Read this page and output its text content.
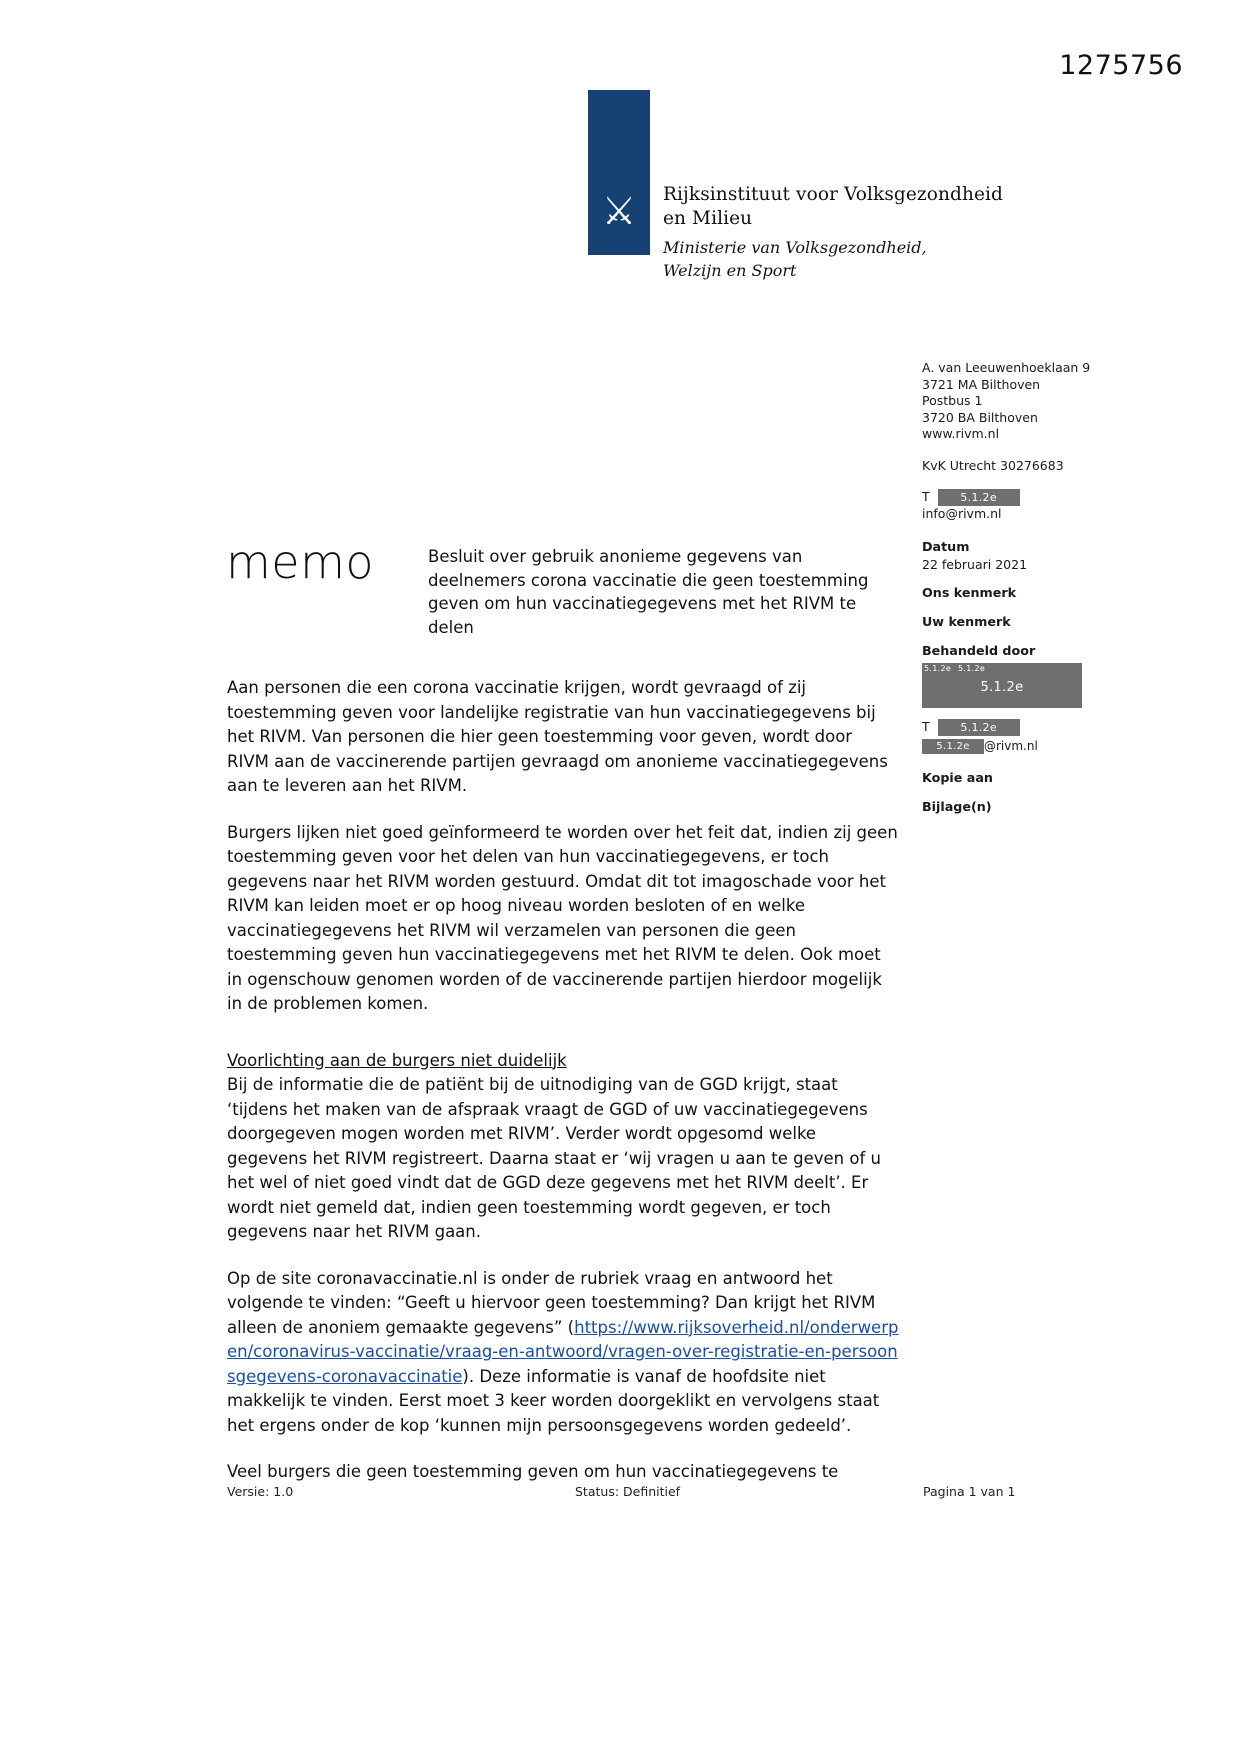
1275756
⚔ Rijksinstituut voor Volksgezondheid
en Milieu
Ministerie van Volksgezondheid,
Welzijn en Sport
A. van Leeuwenhoeklaan 9
3721 MA Bilthoven
Postbus 1
3720 BA Bilthoven
www.rivm.nl
KvK Utrecht 30276683
T	5.1.2e
info@rivm.nl
Datum
22 februari 2021
Ons kenmerk
Uw kenmerk
Behandeld door
5.1.2e 5.1.2e
5.1.2e
T	5.1.2e
5.1.2e @rivm.nl
Kopie aan
Bijlage(n)
memo	Besluit over gebruik anonieme gegevens van deelnemers corona vaccinatie die geen toestemming geven om hun vaccinatiegegevens met het RIVM te delen

Aan personen die een corona vaccinatie krijgen, wordt gevraagd of zij toestemming geven voor landelijke registratie van hun vaccinatiegegevens bij het RIVM. Van personen die hier geen toestemming voor geven, wordt door RIVM aan de vaccinerende partijen gevraagd om anonieme vaccinatiegegevens aan te leveren aan het RIVM.

Burgers lijken niet goed geïnformeerd te worden over het feit dat, indien zij geen toestemming geven voor het delen van hun vaccinatiegegevens, er toch gegevens naar het RIVM worden gestuurd. Omdat dit tot imagoschade voor het RIVM kan leiden moet er op hoog niveau worden besloten of en welke vaccinatiegegevens het RIVM wil verzamelen van personen die geen toestemming geven hun vaccinatiegegevens met het RIVM te delen. Ook moet in ogenschouw genomen worden of de vaccinerende partijen hierdoor mogelijk in de problemen komen.

Voorlichting aan de burgers niet duidelijk

Bij de informatie die de patiënt bij de uitnodiging van de GGD krijgt, staat ‘tijdens het maken van de afspraak vraagt de GGD of uw vaccinatiegegevens doorgegeven mogen worden met RIVM’. Verder wordt opgesomd welke gegevens het RIVM registreert. Daarna staat er ‘wij vragen u aan te geven of u het wel of niet goed vindt dat de GGD deze gegevens met het RIVM deelt’. Er wordt niet gemeld dat, indien geen toestemming wordt gegeven, er toch gegevens naar het RIVM gaan.

Op de site coronavaccinatie.nl is onder de rubriek vraag en antwoord het volgende te vinden: “Geeft u hiervoor geen toestemming? Dan krijgt het RIVM alleen de anoniem gemaakte gegevens” (https://www.rijksoverheid.nl/onderwerpen/coronavirus-vaccinatie/vraag-en-antwoord/vragen-over-registratie-en-persoonsgegevens-coronavaccinatie). Deze informatie is vanaf de hoofdsite niet makkelijk te vinden. Eerst moet 3 keer worden doorgeklikt en vervolgens staat het ergens onder de kop ‘kunnen mijn persoonsgegevens worden gedeeld’.

Veel burgers die geen toestemming geven om hun vaccinatiegegevens te

Versie: 1.0	Status: Definitief	Pagina 1 van 1
